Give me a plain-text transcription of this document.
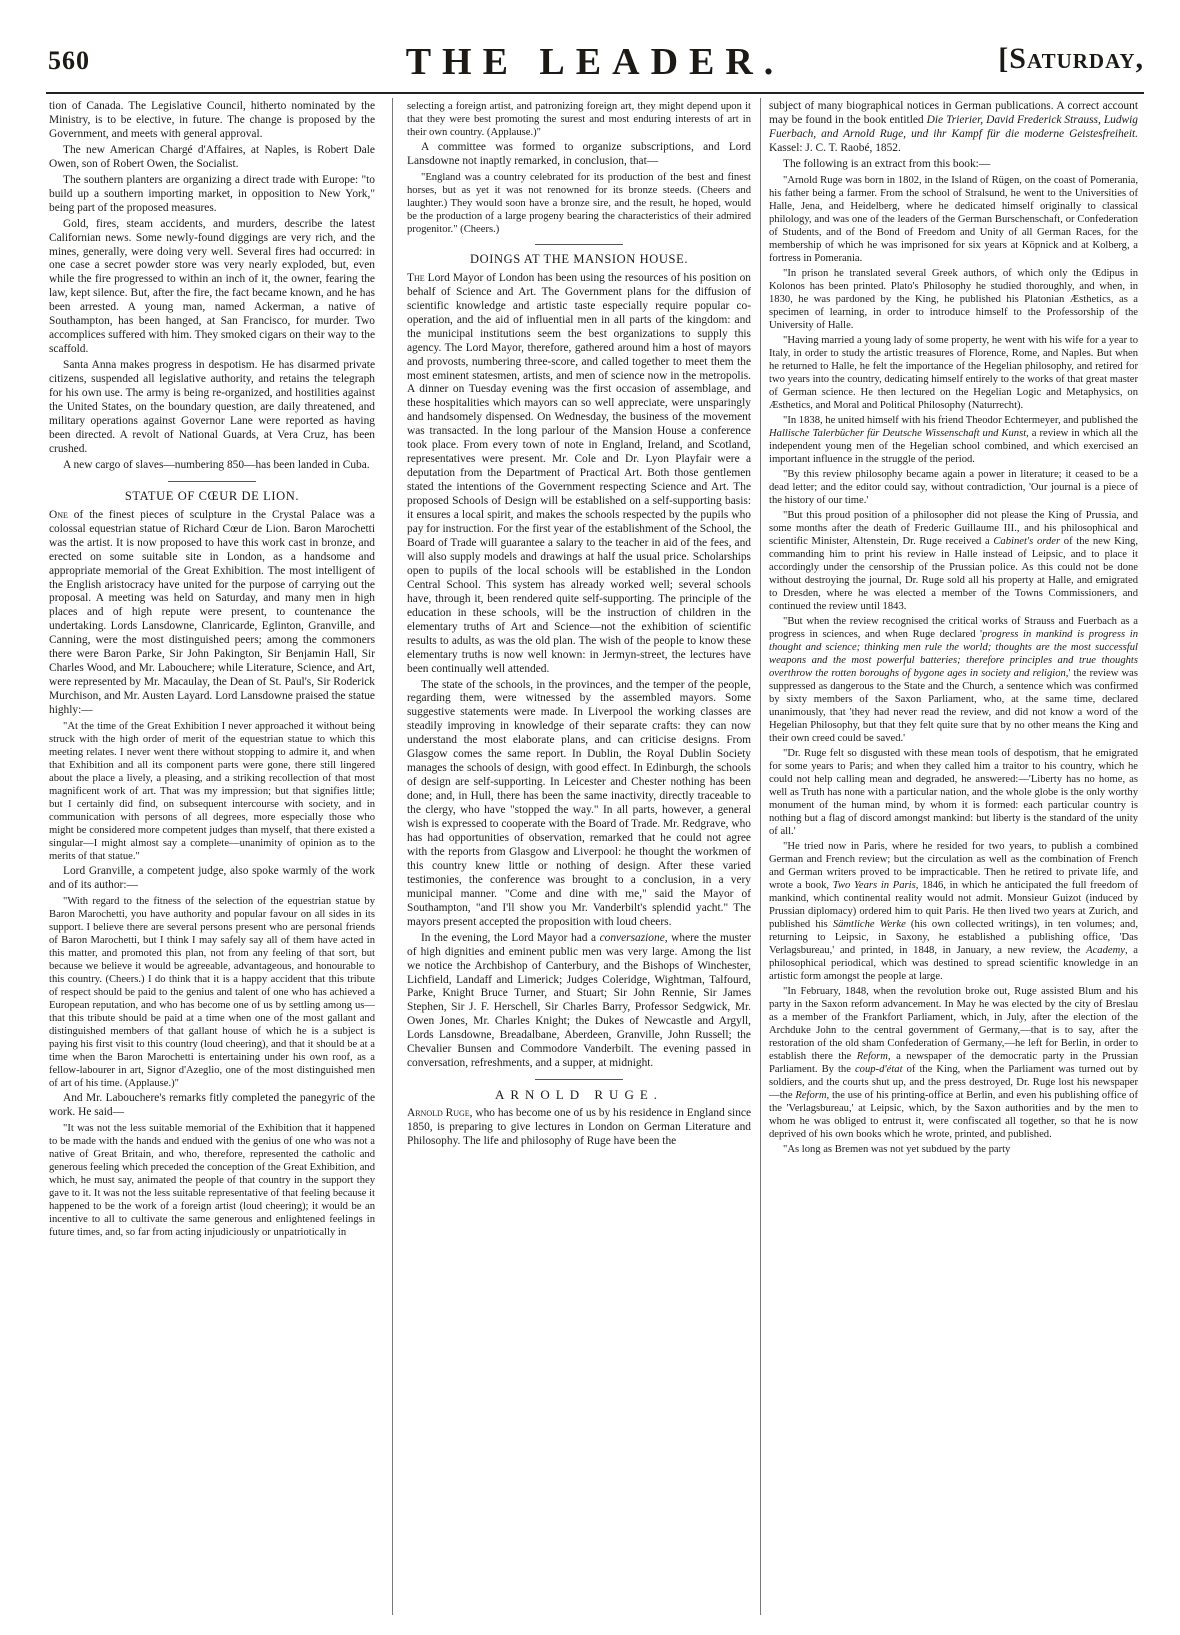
560	THE LEADER.	[Saturday,

tion of Canada. The Legislative Council, hitherto nominated by the Ministry, is to be elective, in future. The change is proposed by the Government, and meets with general approval.

The new American Chargé d'Affaires, at Naples, is Robert Dale Owen, son of Robert Owen, the Socialist.

The southern planters are organizing a direct trade with Europe: "to build up a southern importing market, in opposition to New York," being part of the proposed measures.

Gold, fires, steam accidents, and murders, describe the latest Californian news. Some newly-found diggings are very rich, and the mines, generally, were doing very well. Several fires had occurred: in one case a secret powder store was very nearly exploded, but, even while the fire progressed to within an inch of it, the owner, fearing the law, kept silence. But, after the fire, the fact became known, and he has been arrested. A young man, named Ackerman, a native of Southampton, has been hanged, at San Francisco, for murder. Two accomplices suffered with him. They smoked cigars on their way to the scaffold.

Santa Anna makes progress in despotism. He has disarmed private citizens, suspended all legislative authority, and retains the telegraph for his own use. The army is being re-organized, and hostilities against the United States, on the boundary question, are daily threatened, and military operations against Governor Lane were reported as having been directed. A revolt of National Guards, at Vera Cruz, has been crushed.

A new cargo of slaves—numbering 850—has been landed in Cuba.

STATUE OF CŒUR DE LION.

One of the finest pieces of sculpture in the Crystal Palace was a colossal equestrian statue of Richard Cœur de Lion. Baron Marochetti was the artist. It is now proposed to have this work cast in bronze, and erected on some suitable site in London, as a handsome and appropriate memorial of the Great Exhibition. The most intelligent of the English aristocracy have united for the purpose of carrying out the proposal. A meeting was held on Saturday, and many men in high places and of high repute were present, to countenance the undertaking. Lords Lansdowne, Clanricarde, Eglinton, Granville, and Canning, were the most distinguished peers; among the commoners there were Baron Parke, Sir John Pakington, Sir Benjamin Hall, Sir Charles Wood, and Mr. Labouchere; while Literature, Science, and Art, were represented by Mr. Macaulay, the Dean of St. Paul's, Sir Roderick Murchison, and Mr. Austen Layard. Lord Lansdowne praised the statue highly:—

"At the time of the Great Exhibition I never approached it without being struck with the high order of merit of the equestrian statue to which this meeting relates. I never went there without stopping to admire it, and when that Exhibition and all its component parts were gone, there still lingered about the place a lively, a pleasing, and a striking recollection of that most magnificent work of art. That was my impression; but that signifies little; but I certainly did find, on subsequent intercourse with society, and in communication with persons of all degrees, more especially those who might be considered more competent judges than myself, that there existed a singular—I might almost say a complete—unanimity of opinion as to the merits of that statue."

Lord Granville, a competent judge, also spoke warmly of the work and of its author:—

"With regard to the fitness of the selection of the equestrian statue by Baron Marochetti, you have authority and popular favour on all sides in its support. I believe there are several persons present who are personal friends of Baron Marochetti, but I think I may safely say all of them have acted in this matter, and promoted this plan, not from any feeling of that sort, but because we believe it would be agreeable, advantageous, and honourable to this country. (Cheers.) I do think that it is a happy accident that this tribute of respect should be paid to the genius and talent of one who has achieved a European reputation, and who has become one of us by settling among us—that this tribute should be paid at a time when one of the most gallant and distinguished members of that gallant house of which he is a subject is paying his first visit to this country (loud cheering), and that it should be at a time when the Baron Marochetti is entertaining under his own roof, as a fellow-labourer in art, Signor d'Azeglio, one of the most distinguished men of art of his time. (Applause.)"

And Mr. Labouchere's remarks fitly completed the panegyric of the work. He said—

"It was not the less suitable memorial of the Exhibition that it happened to be made with the hands and endued with the genius of one who was not a native of Great Britain, and who, therefore, represented the catholic and generous feeling which preceded the conception of the Great Exhibition, and which, he must say, animated the people of that country in the support they gave to it. It was not the less suitable representative of that feeling because it happened to be the work of a foreign artist (loud cheering); it would be an incentive to all to cultivate the same generous and enlightened feelings in future times, and, so far from acting injudiciously or unpatriotically in

selecting a foreign artist, and patronizing foreign art, they might depend upon it that they were best promoting the surest and most enduring interests of art in their own country. (Applause.)"

A committee was formed to organize subscriptions, and Lord Lansdowne not inaptly remarked, in conclusion, that—

"England was a country celebrated for its production of the best and finest horses, but as yet it was not renowned for its bronze steeds. (Cheers and laughter.) They would soon have a bronze sire, and the result, he hoped, would be the production of a large progeny bearing the characteristics of their admired progenitor." (Cheers.)

DOINGS AT THE MANSION HOUSE.

The Lord Mayor of London has been using the resources of his position on behalf of Science and Art. The Government plans for the diffusion of scientific knowledge and artistic taste especially require popular co-operation, and the aid of influential men in all parts of the kingdom: and the municipal institutions seem the best organizations to supply this agency. The Lord Mayor, therefore, gathered around him a host of mayors and provosts, numbering three-score, and called together to meet them the most eminent statesmen, artists, and men of science now in the metropolis. A dinner on Tuesday evening was the first occasion of assemblage, and these hospitalities which mayors can so well appreciate, were unsparingly and handsomely dispensed. On Wednesday, the business of the movement was transacted. In the long parlour of the Mansion House a conference took place. From every town of note in England, Ireland, and Scotland, representatives were present. Mr. Cole and Dr. Lyon Playfair were a deputation from the Department of Practical Art. Both those gentlemen stated the intentions of the Government respecting Science and Art. The proposed Schools of Design will be established on a self-supporting basis: it ensures a local spirit, and makes the schools respected by the pupils who pay for instruction. For the first year of the establishment of the School, the Board of Trade will guarantee a salary to the teacher in aid of the fees, and will also supply models and drawings at half the usual price. Scholarships open to pupils of the local schools will be established in the London Central School. This system has already worked well; several schools have, through it, been rendered quite self-supporting. The principle of the education in these schools, will be the instruction of children in the elementary truths of Art and Science—not the exhibition of scientific results to adults, as was the old plan. The wish of the people to know these elementary truths is now well known: in Jermyn-street, the lectures have been continually well attended.

The state of the schools, in the provinces, and the temper of the people, regarding them, were witnessed by the assembled mayors. Some suggestive statements were made. In Liverpool the working classes are steadily improving in knowledge of their separate crafts: they can now understand the most elaborate plans, and can criticise designs. From Glasgow comes the same report. In Dublin, the Royal Dublin Society manages the schools of design, with good effect. In Edinburgh, the schools of design are self-supporting. In Leicester and Chester nothing has been done; and, in Hull, there has been the same inactivity, directly traceable to the clergy, who have "stopped the way." In all parts, however, a general wish is expressed to cooperate with the Board of Trade. Mr. Redgrave, who has had opportunities of observation, remarked that he could not agree with the reports from Glasgow and Liverpool: he thought the workmen of this country knew little or nothing of design. After these varied testimonies, the conference was brought to a conclusion, in a very municipal manner. "Come and dine with me," said the Mayor of Southampton, "and I'll show you Mr. Vanderbilt's splendid yacht." The mayors present accepted the proposition with loud cheers.

In the evening, the Lord Mayor had a conversazione, where the muster of high dignities and eminent public men was very large. Among the list we notice the Archbishop of Canterbury, and the Bishops of Winchester, Lichfield, Landaff and Limerick; Judges Coleridge, Wightman, Talfourd, Parke, Knight Bruce Turner, and Stuart; Sir John Rennie, Sir James Stephen, Sir J. F. Herschell, Sir Charles Barry, Professor Sedgwick, Mr. Owen Jones, Mr. Charles Knight; the Dukes of Newcastle and Argyll, Lords Lansdowne, Breadalbane, Aberdeen, Granville, John Russell; the Chevalier Bunsen and Commodore Vanderbilt. The evening passed in conversation, refreshments, and a supper, at midnight.

ARNOLD RUGE.

Arnold Ruge, who has become one of us by his residence in England since 1850, is preparing to give lectures in London on German Literature and Philosophy. The life and philosophy of Ruge have been the

subject of many biographical notices in German publications. A correct account may be found in the book entitled Die Trierier, David Frederick Strauss, Ludwig Fuerbach, and Arnold Ruge, und ihr Kampf für die moderne Geistesfreiheit. Kassel: J. C. T. Raobé, 1852.

The following is an extract from this book:—

"Arnold Ruge was born in 1802, in the Island of Rügen, on the coast of Pomerania, his father being a farmer. From the school of Stralsund, he went to the Universities of Halle, Jena, and Heidelberg, where he dedicated himself originally to classical philology, and was one of the leaders of the German Burschenschaft, or Confederation of Students, and of the Bond of Freedom and Unity of all German Races, for the membership of which he was imprisoned for six years at Köpnick and at Kolberg, a fortress in Pomerania.

"In prison he translated several Greek authors, of which only the Œdipus in Kolonos has been printed. Plato's Philosophy he studied thoroughly, and when, in 1830, he was pardoned by the King, he published his Platonian Æsthetics, as a specimen of learning, in order to introduce himself to the Professorship of the University of Halle.

"Having married a young lady of some property, he went with his wife for a year to Italy, in order to study the artistic treasures of Florence, Rome, and Naples. But when he returned to Halle, he felt the importance of the Hegelian philosophy, and retired for two years into the country, dedicating himself entirely to the works of that great master of German science. He then lectured on the Hegelian Logic and Metaphysics, on Æsthetics, and Moral and Political Philosophy (Naturrecht).

"In 1838, he united himself with his friend Theodor Echtermeyer, and published the Hallische Talerbücher für Deutsche Wissenschaft und Kunst, a review in which all the independent young men of the Hegelian school combined, and which exercised an important influence in the struggle of the period.

"By this review philosophy became again a power in literature; it ceased to be a dead letter; and the editor could say, without contradiction, 'Our journal is a piece of the history of our time.'

"But this proud position of a philosopher did not please the King of Prussia, and some months after the death of Frederic Guillaume III., and his philosophical and scientific Minister, Altenstein, Dr. Ruge received a Cabinet's order of the new King, commanding him to print his review in Halle instead of Leipsic, and to place it accordingly under the censorship of the Prussian police. As this could not be done without destroying the journal, Dr. Ruge sold all his property at Halle, and emigrated to Dresden, where he was elected a member of the Towns Commissioners, and continued the review until 1843.

"But when the review recognised the critical works of Strauss and Fuerbach as a progress in sciences, and when Ruge declared 'progress in mankind is progress in thought and science; thinking men rule the world; thoughts are the most successful weapons and the most powerful batteries; therefore principles and true thoughts overthrow the rotten boroughs of bygone ages in society and religion,' the review was suppressed as dangerous to the State and the Church, a sentence which was confirmed by sixty members of the Saxon Parliament, who, at the same time, declared unanimously, that 'they had never read the review, and did not know a word of the Hegelian Philosophy, but that they felt quite sure that by no other means the King and their own creed could be saved.'

"Dr. Ruge felt so disgusted with these mean tools of despotism, that he emigrated for some years to Paris; and when they called him a traitor to his country, which he could not help calling mean and degraded, he answered:—'Liberty has no home, as well as Truth has none with a particular nation, and the whole globe is the only worthy monument of the human mind, by whom it is formed: each particular country is nothing but a flag of discord amongst mankind: but liberty is the standard of the unity of all.'

"He tried now in Paris, where he resided for two years, to publish a combined German and French review; but the circulation as well as the combination of French and German writers proved to be impracticable. Then he retired to private life, and wrote a book, Two Years in Paris, 1846, in which he anticipated the full freedom of mankind, which continental reality would not admit. Monsieur Guizot (induced by Prussian diplomacy) ordered him to quit Paris. He then lived two years at Zurich, and published his Sämtliche Werke (his own collected writings), in ten volumes; and, returning to Leipsic, in Saxony, he established a publishing office, 'Das Verlagsbureau,' and printed, in 1848, in January, a new review, the Academy, a philosophical periodical, which was destined to spread scientific knowledge in an artistic form amongst the people at large.

"In February, 1848, when the revolution broke out, Ruge assisted Blum and his party in the Saxon reform advancement. In May he was elected by the city of Breslau as a member of the Frankfort Parliament, which, in July, after the election of the Archduke John to the central government of Germany,—that is to say, after the restoration of the old sham Confederation of Germany,—he left for Berlin, in order to establish there the Reform, a newspaper of the democratic party in the Prussian Parliament. By the coup-d'état of the King, when the Parliament was turned out by soldiers, and the courts shut up, and the press destroyed, Dr. Ruge lost his newspaper—the Reform, the use of his printing-office at Berlin, and even his publishing office of the 'Verlagsbureau,' at Leipsic, which, by the Saxon authorities and by the men to whom he was obliged to entrust it, were confiscated all together, so that he is now deprived of his own books which he wrote, printed, and published.

"As long as Bremen was not yet subdued by the party
